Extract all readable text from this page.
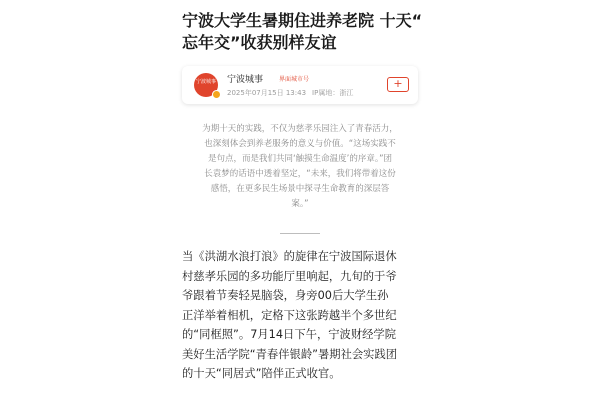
宁波大学生暑期住进养老院 十天“
忘年交”收获别样友谊
宁波城事 宁波城事	界面城市号
2025年07月15日 13:43 IP属地：浙江
+
为期十天的实践，不仅为慈孝乐园注入了青春活力，
也深刻体会到养老服务的意义与价值。“这场实践不
是句点，而是我们共同‘触摸生命温度’的序章。”团
长袁梦的话语中透着坚定，“未来，我们将带着这份
感悟，在更多民生场景中探寻生命教育的深层答
案。”
当《洪湖水浪打浪》的旋律在宁波国际退休
村慈孝乐园的多功能厅里响起，九旬的于爷
爷跟着节奏轻晃脑袋，身旁00后大学生孙
正洋举着相机，定格下这张跨越半个多世纪
的“同框照”。7月14日下午，宁波财经学院
美好生活学院“青春伴银龄”暑期社会实践团
的十天“同居式”陪伴正式收官。
